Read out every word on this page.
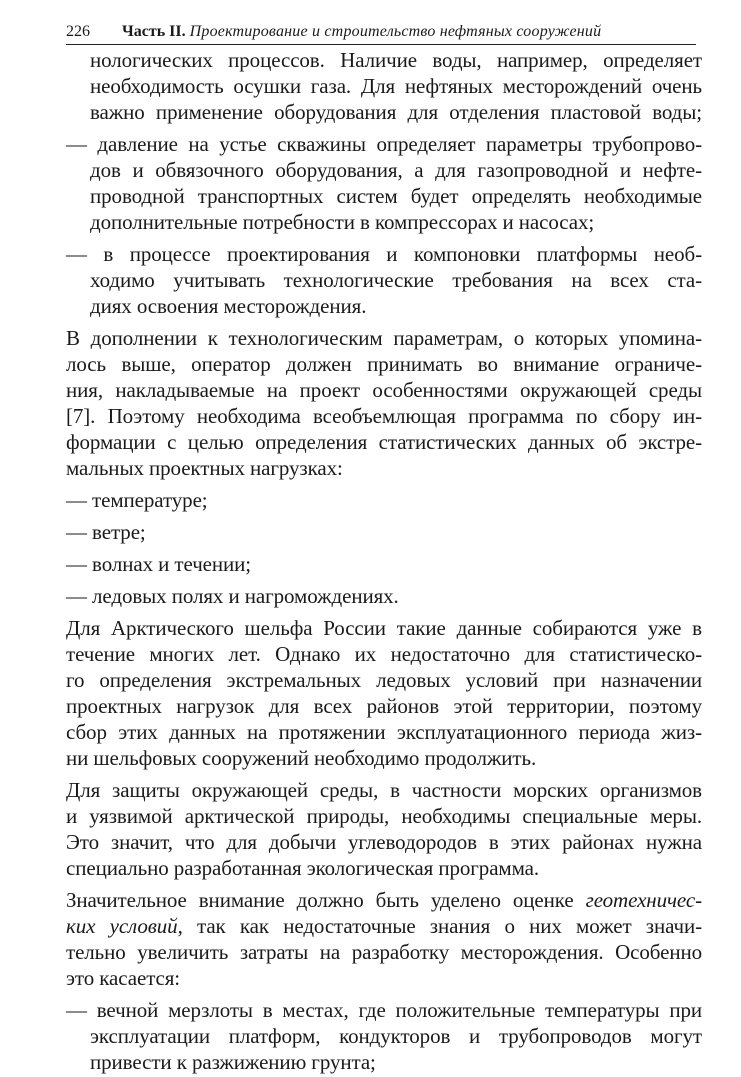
226 Часть II. Проектирование и строительство нефтяных сооружений
нологических процессов. Наличие воды, например, определяет
необходимость осушки газа. Для нефтяных месторождений очень
важно применение оборудования для отделения пластовой воды;
— давление на устье скважины определяет параметры трубопрово-
дов и обвязочного оборудования, а для газопроводной и нефте-
проводной транспортных систем будет определять необходимые
дополнительные потребности в компрессорах и насосах;
— в процессе проектирования и компоновки платформы необ-
ходимо учитывать технологические требования на всех ста-
диях освоения месторождения.
В дополнении к технологическим параметрам, о которых упомина-
лось выше, оператор должен принимать во внимание ограниче-
ния, накладываемые на проект особенностями окружающей среды
[7]. Поэтому необходима всеобъемлющая программа по сбору ин-
формации с целью определения статистических данных об экстре-
мальных проектных нагрузках:
— температуре;
— ветре;
— волнах и течении;
— ледовых полях и нагромождениях.
Для Арктического шельфа России такие данные собираются уже в
течение многих лет. Однако их недостаточно для статистическо-
го определения экстремальных ледовых условий при назначении
проектных нагрузок для всех районов этой территории, поэтому
сбор этих данных на протяжении эксплуатационного периода жиз-
ни шельфовых сооружений необходимо продолжить.
Для защиты окружающей среды, в частности морских организмов
и уязвимой арктической природы, необходимы специальные меры.
Это значит, что для добычи углеводородов в этих районах нужна
специально разработанная экологическая программа.
Значительное внимание должно быть уделено оценке геотехничес-
ких условий, так как недостаточные знания о них может значи-
тельно увеличить затраты на разработку месторождения. Особенно
это касается:
— вечной мерзлоты в местах, где положительные температуры при
эксплуатации платформ, кондукторов и трубопроводов могут
привести к разжижению грунта;
